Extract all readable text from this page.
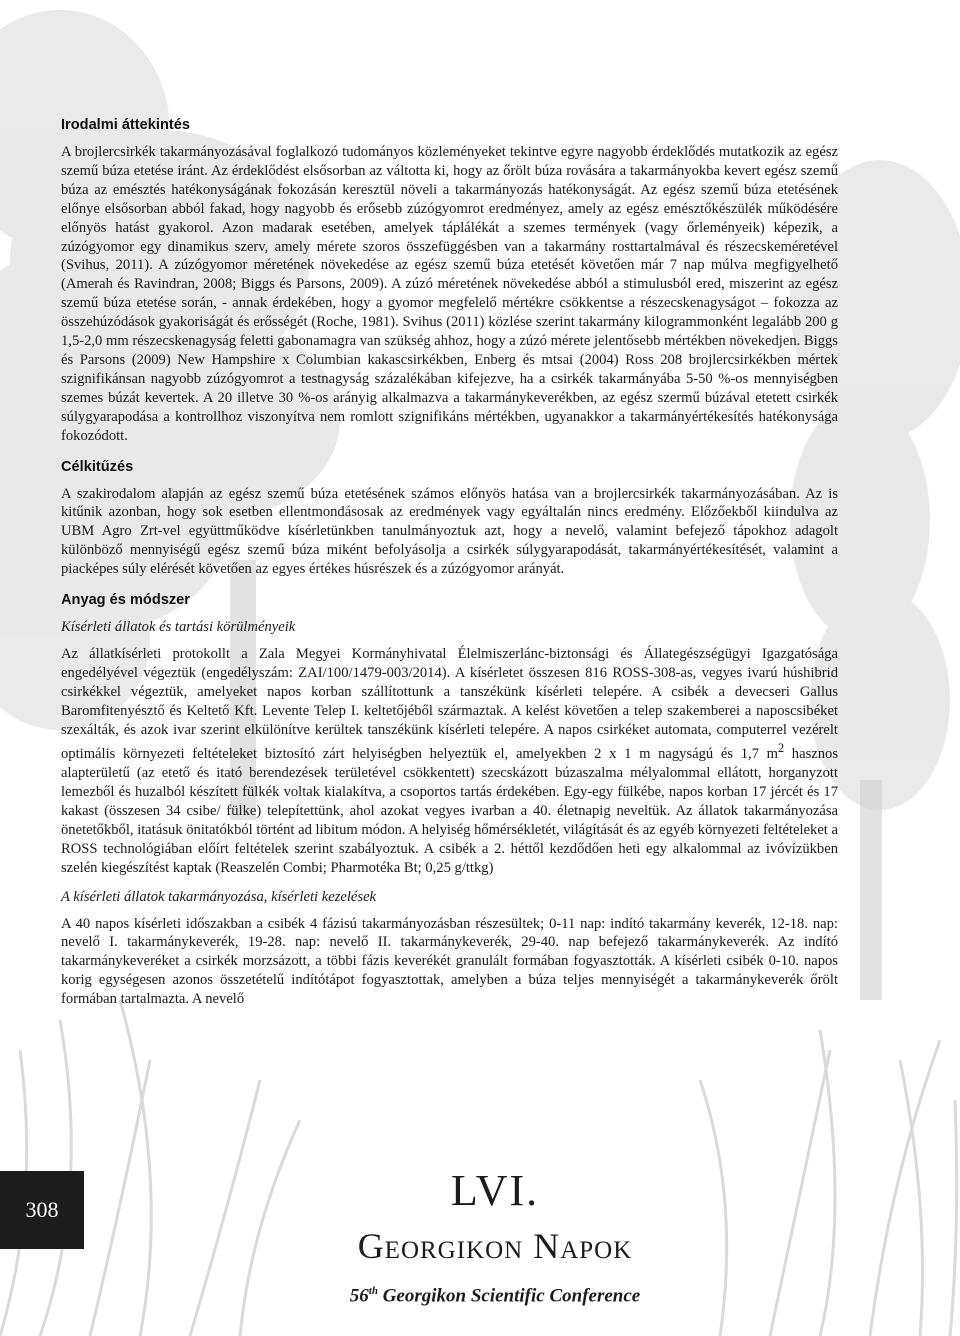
Irodalmi áttekintés

A brojlercsirkék takarmányozásával foglalkozó tudományos közleményeket tekintve egyre nagyobb érdeklődés mutatkozik az egész szemű búza etetése iránt. Az érdeklődést elsősorban az váltotta ki, hogy az őrölt búza rovására a takarmányokba kevert egész szemű búza az emésztés hatékonyságának fokozásán keresztül növeli a takarmányozás hatékonyságát. Az egész szemű búza etetésének előnye elsősorban abból fakad, hogy nagyobb és erősebb zúzógyomrot eredményez, amely az egész emésztőkészülék működésére előnyös hatást gyakorol. Azon madarak esetében, amelyek táplálékát a szemes termények (vagy őrleményeik) képezik, a zúzógyomor egy dinamikus szerv, amely mérete szoros összefüggésben van a takarmány rosttartalmával és részecskeméretével (Svihus, 2011). A zúzógyomor méretének növekedése az egész szemű búza etetését követően már 7 nap múlva megfigyelhető (Amerah és Ravindran, 2008; Biggs és Parsons, 2009). A zúzó méretének növekedése abból a stimulusból ered, miszerint az egész szemű búza etetése során, - annak érdekében, hogy a gyomor megfelelő mértékre csökkentse a részecskenagyságot – fokozza az összehúzódások gyakoriságát és erősségét (Roche, 1981). Svihus (2011) közlése szerint takarmány kilogrammonként legalább 200 g 1,5-2,0 mm részecskenagyság feletti gabonamagra van szükség ahhoz, hogy a zúzó mérete jelentősebb mértékben növekedjen. Biggs és Parsons (2009) New Hampshire x Columbian kakascsirkékben, Enberg és mtsai (2004) Ross 208 brojlercsirkékben mértek szignifikánsan nagyobb zúzógyomrot a testnagyság százalékában kifejezve, ha a csirkék takarmányába 5-50 %-os mennyiségben szemes búzát kevertek. A 20 illetve 30 %-os arányig alkalmazva a takarmánykeverékben, az egész szermű búzával etetett csirkék súlygyarapodása a kontrollhoz viszonyítva nem romlott szignifikáns mértékben, ugyanakkor a takarmányértékesítés hatékonysága fokozódott.

Célkitűzés

A szakirodalom alapján az egész szemű búza etetésének számos előnyös hatása van a brojlercsirkék takarmányozásában. Az is kitűnik azonban, hogy sok esetben ellentmondásosak az eredmények vagy egyáltalán nincs eredmény. Előzőekből kiindulva az UBM Agro Zrt-vel együttműködve kísérletünkben tanulmányoztuk azt, hogy a nevelő, valamint befejező tápokhoz adagolt különböző mennyiségű egész szemű búza miként befolyásolja a csirkék súlygyarapodását, takarmányértékesítését, valamint a piacképes súly elérését követően az egyes értékes húsrészek és a zúzógyomor arányát.

Anyag és módszer

Kísérleti állatok és tartási körülményeik

Az állatkísérleti protokollt a Zala Megyei Kormányhivatal Élelmiszerlánc-biztonsági és Állategészségügyi Igazgatósága engedélyével végeztük (engedélyszám: ZAI/100/1479-003/2014). A kísérletet összesen 816 ROSS-308-as, vegyes ivarú húshibrid csirkékkel végeztük, amelyeket napos korban szállítottunk a tanszékünk kísérleti telepére. A csibék a devecseri Gallus Baromfitenyésztő és Keltető Kft. Levente Telep I. keltetőjéből származtak. A kelést követően a telep szakemberei a naposcsibéket szexálták, és azok ivar szerint elkülönítve kerültek tanszékünk kísérleti telepére. A napos csirkéket automata, computerrel vezérelt optimális környezeti feltételeket biztosító zárt helyiségben helyeztük el, amelyekben 2 x 1 m nagyságú és 1,7 $m^2$ hasznos alapterületű (az etető és itató berendezések területével csökkentett) szecskázott búzaszalma mélyalommal ellátott, horganyzott lemezből és huzalból készített fülkék voltak kialakítva, a csoportos tartás érdekében. Egy-egy fülkébe, napos korban 17 jércét és 17 kakast (összesen 34 csibe/ fülke) telepítettünk, ahol azokat vegyes ivarban a 40. életnapig neveltük. Az állatok takarmányozása önetetőkből, itatásuk önitatókból történt ad libitum módon. A helyiség hőmérsékletét, világítását és az egyéb környezeti feltételeket a ROSS technológiában előírt feltételek szerint szabályoztuk. A csibék a 2. héttől kezdődően heti egy alkalommal az ivóvízükben szelén kiegészítést kaptak (Reaszelén Combi; Pharmotéka Bt; 0,25 g/ttkg)

A kísérleti állatok takarmányozása, kísérleti kezelések

A 40 napos kísérleti időszakban a csibék 4 fázisú takarmányozásban részesültek; 0-11 nap: indító takarmány keverék, 12-18. nap: nevelő I. takarmánykeverék, 19-28. nap: nevelő II. takarmánykeverék, 29-40. nap befejező takarmánykeverék. Az indító takarmánykeveréket a csirkék morzsázott, a többi fázis keverékét granulált formában fogyasztották. A kísérleti csibék 0-10. napos korig egységesen azonos összetételű indítótápot fogyasztottak, amelyben a búza teljes mennyiségét a takarmánykeverék őrölt formában tartalmazta. A nevelő

308	LVI.
Georgikon Napok
56th Georgikon Scientific Conference
